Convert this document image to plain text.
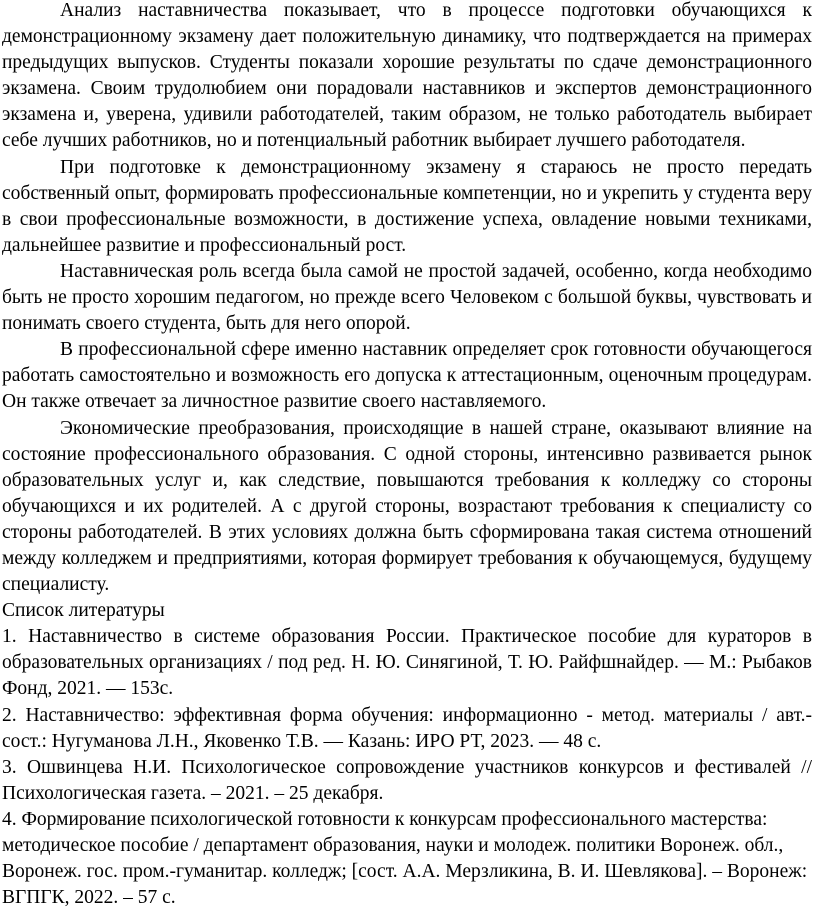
Анализ наставничества показывает, что в процессе подготовки обучающихся к демонстрационному экзамену дает положительную динамику, что подтверждается на примерах предыдущих выпусков. Студенты показали хорошие результаты по сдаче демонстрационного экзамена. Своим трудолюбием они порадовали наставников и экспертов демонстрационного экзамена и, уверена, удивили работодателей, таким образом, не только работодатель выбирает себе лучших работников, но и потенциальный работник выбирает лучшего работодателя.

При подготовке к демонстрационному экзамену я стараюсь не просто передать собственный опыт, формировать профессиональные компетенции, но и укрепить у студента веру в свои профессиональные возможности, в достижение успеха, овладение новыми техниками, дальнейшее развитие и профессиональный рост.

Наставническая роль всегда была самой не простой задачей, особенно, когда необходимо быть не просто хорошим педагогом, но прежде всего Человеком с большой буквы, чувствовать и понимать своего студента, быть для него опорой.

В профессиональной сфере именно наставник определяет срок готовности обучающегося работать самостоятельно и возможность его допуска к аттестационным, оценочным процедурам. Он также отвечает за личностное развитие своего наставляемого.

Экономические преобразования, происходящие в нашей стране, оказывают влияние на состояние профессионального образования. С одной стороны, интенсивно развивается рынок образовательных услуг и, как следствие, повышаются требования к колледжу со стороны обучающихся и их родителей. А с другой стороны, возрастают требования к специалисту со стороны работодателей. В этих условиях должна быть сформирована такая система отношений между колледжем и предприятиями, которая формирует требования к обучающемуся, будущему специалисту.

Список литературы

1. Наставничество в системе образования России. Практическое пособие для кураторов в образовательных организациях / под ред. Н. Ю. Синягиной, Т. Ю. Райфшнайдер. — М.: Рыбаков Фонд, 2021. — 153с.

2. Наставничество: эффективная форма обучения: информационно - метод. материалы / авт.-сост.: Нугуманова Л.Н., Яковенко Т.В. — Казань: ИРО РТ, 2023. — 48 с.

3. Ошвинцева Н.И. Психологическое сопровождение участников конкурсов и фестивалей // Психологическая газета. – 2021. – 25 декабря.

4. Формирование психологической готовности к конкурсам профессионального мастерства: методическое пособие / департамент образования, науки и молодеж. политики Воронеж. обл., Воронеж. гос. пром.-гуманитар. колледж; [сост. А.А. Мерзликина, В. И. Шевлякова]. – Воронеж: ВГПГК, 2022. – 57 с.
